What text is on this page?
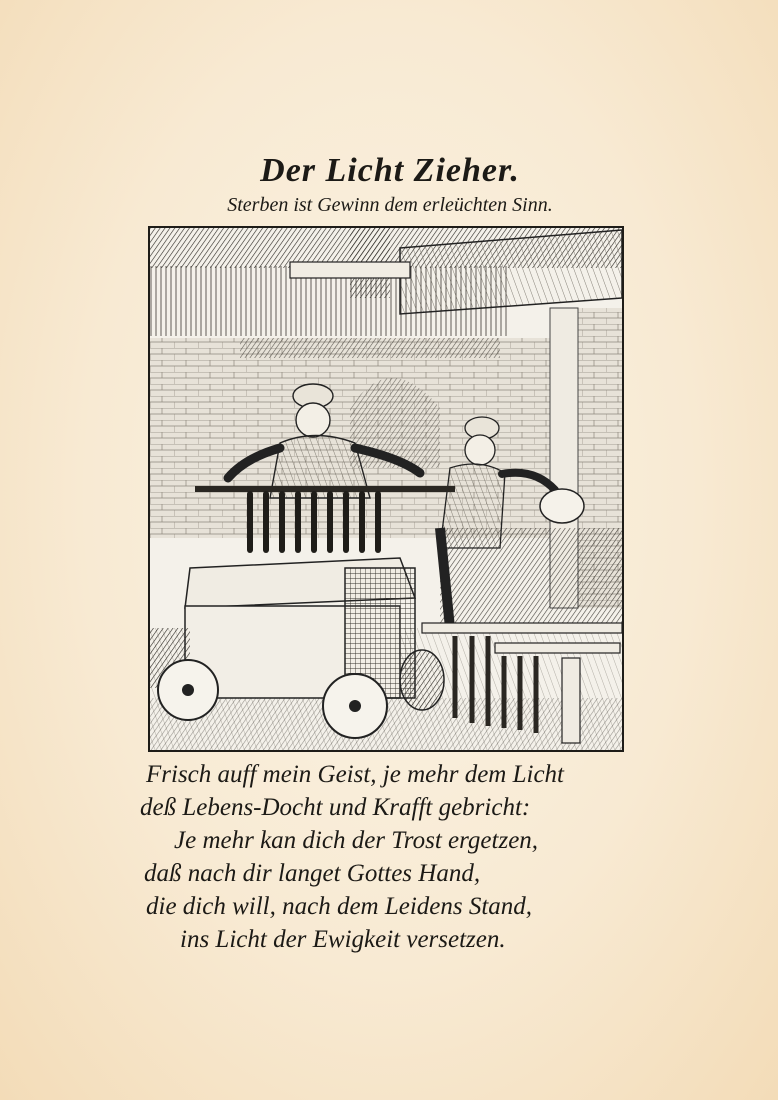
Der Licht Zieher.

Sterben ist Gewinn dem erleüchten Sinn.

Frisch auff mein Geist, je mehr dem Licht
deß Lebens-Docht und Krafft gebricht:
Je mehr kan dich der Trost ergetzen,
daß nach dir langet Gottes Hand,
die dich will, nach dem Leidens Stand,
ins Licht der Ewigkeit versetzen.
